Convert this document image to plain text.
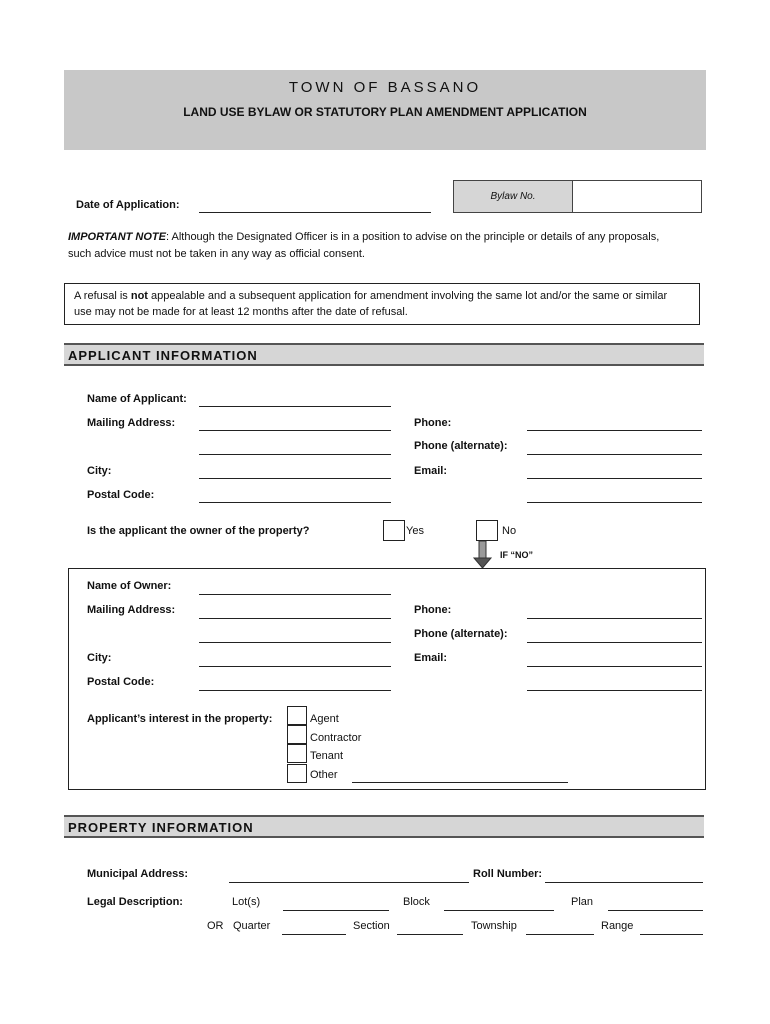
TOWN OF BASSANO
LAND USE BYLAW OR STATUTORY PLAN AMENDMENT APPLICATION
Date of Application:
Bylaw No.
IMPORTANT NOTE: Although the Designated Officer is in a position to advise on the principle or details of any proposals,
such advice must not be taken in any way as official consent.
A refusal is not appealable and a subsequent application for amendment involving the same lot and/or the same or similar
use may not be made for at least 12 months after the date of refusal.
APPLICANT INFORMATION
Name of Applicant:
Mailing Address:	Phone:
Phone (alternate):
City:	Email:
Postal Code:
Is the applicant the owner of the property?	Yes	No
IF “NO”
Name of Owner:
Mailing Address:	Phone:
Phone (alternate):
City:	Email:
Postal Code:
Applicant’s interest in the property:	Agent
Contractor
Tenant
Other
PROPERTY INFORMATION
Municipal Address:	Roll Number:
Legal Description:	Lot(s)	Block	Plan
OR Quarter	Section	Township	Range
